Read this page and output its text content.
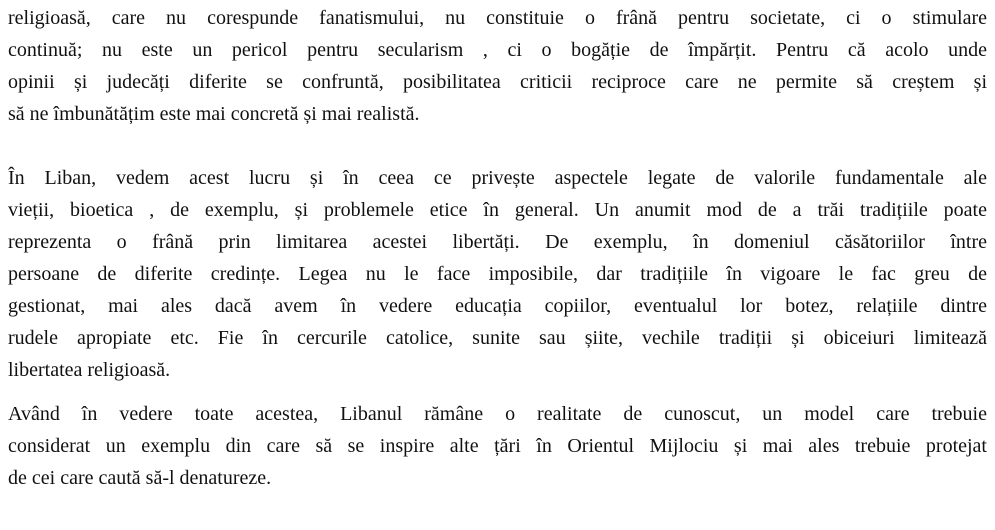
religioasă, care nu corespunde fanatismului, nu constituie o frână pentru societate, ci o stimulare
continuă; nu este un pericol pentru secularism , ci o bogăție de împărțit. Pentru că acolo unde
opinii și judecăți diferite se confruntă, posibilitatea criticii reciproce care ne permite să creștem și
să ne îmbunătățim este mai concretă și mai realistă.
În Liban, vedem acest lucru și în ceea ce privește aspectele legate de valorile fundamentale ale
vieții, bioetica , de exemplu, și problemele etice în general. Un anumit mod de a trăi tradițiile poate
reprezenta o frână prin limitarea acestei libertăți. De exemplu, în domeniul căsătoriilor între
persoane de diferite credințe. Legea nu le face imposibile, dar tradițiile în vigoare le fac greu de
gestionat, mai ales dacă avem în vedere educația copiilor, eventualul lor botez, relațiile dintre
rudele apropiate etc. Fie în cercurile catolice, sunite sau șiite, vechile tradiții și obiceiuri limitează
libertatea religioasă.
Având în vedere toate acestea, Libanul rămâne o realitate de cunoscut, un model care trebuie
considerat un exemplu din care să se inspire alte țări în Orientul Mijlociu și mai ales trebuie protejat
de cei care caută să-l denatureze.
